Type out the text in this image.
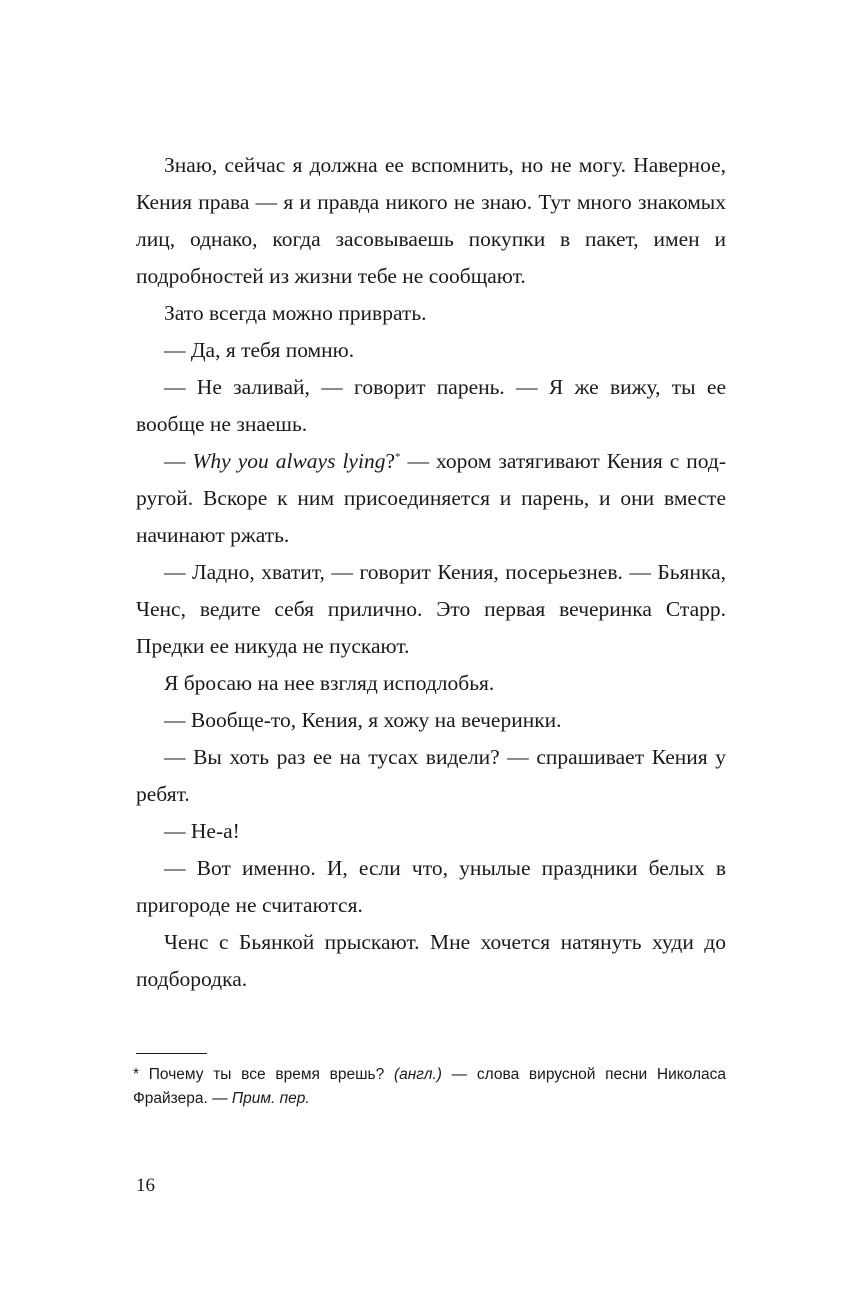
Знаю, сейчас я должна ее вспомнить, но не могу. Наверное, Кения права — я и правда никого не знаю. Тут много знакомых лиц, однако, когда засовываешь покупки в пакет, имен и подробностей из жизни тебе не сообщают.

Зато всегда можно приврать.

— Да, я тебя помню.

— Не заливай, — говорит парень. — Я же вижу, ты ее вообще не знаешь.

— Why you always lying?* — хором затягивают Кения с подругой. Вскоре к ним присоединяется и парень, и они вместе начинают ржать.

— Ладно, хватит, — говорит Кения, посерьезнев. — Бьянка, Ченс, ведите себя прилично. Это первая вечеринка Старр. Предки ее никуда не пускают.

Я бросаю на нее взгляд исподлобья.

— Вообще-то, Кения, я хожу на вечеринки.

— Вы хоть раз ее на тусах видели? — спрашивает Кения у ребят.

— Не-а!

— Вот именно. И, если что, унылые праздники белых в пригороде не считаются.

Ченс с Бьянкой прыскают. Мне хочется натянуть худи до подбородка.

* Почему ты все время врешь? (англ.) — слова вирусной песни Николаса Фрайзера. — Прим. пер.

16
